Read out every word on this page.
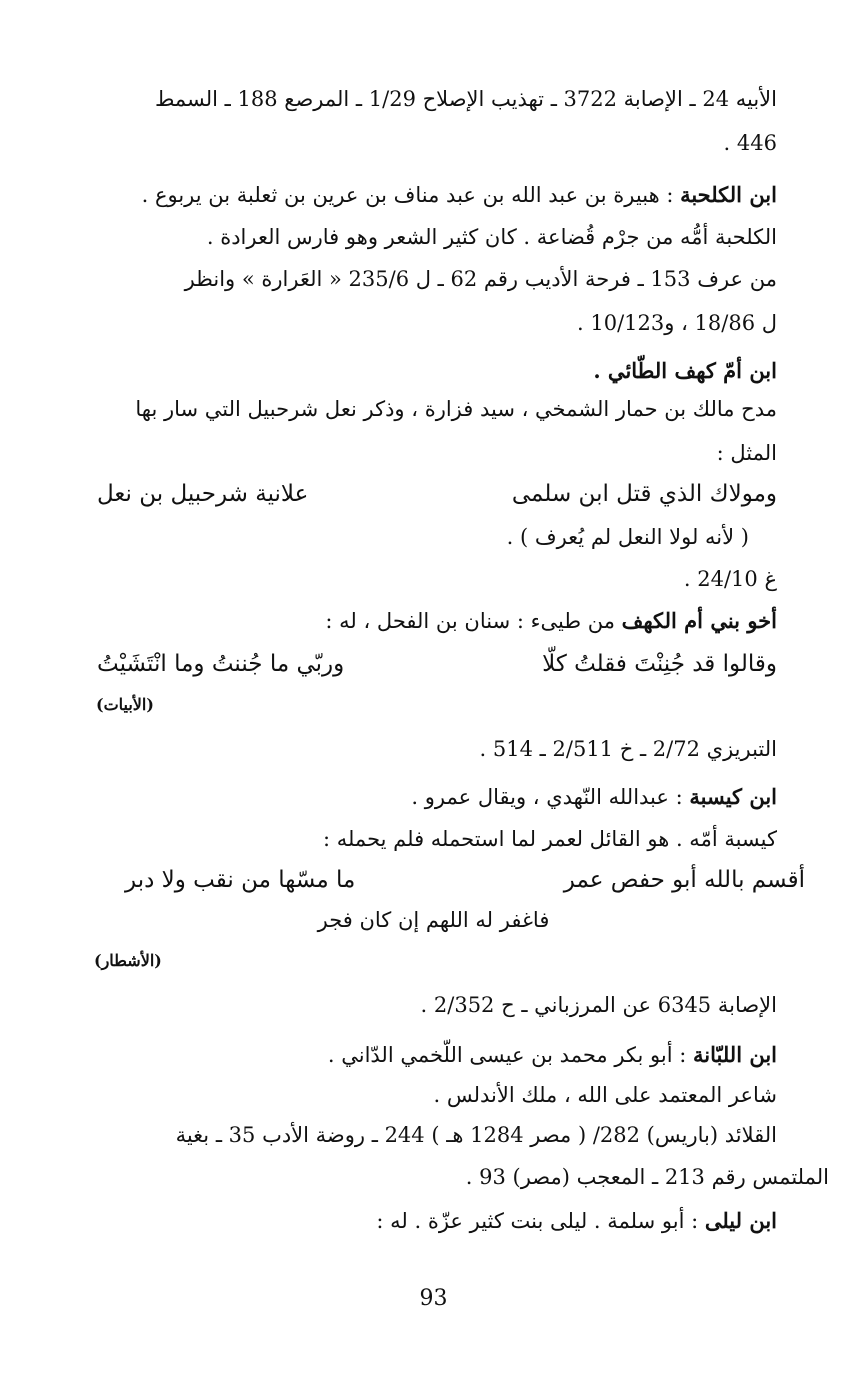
الأبيه 24 ـ الإصابة 3722 ـ تهذيب الإصلاح 1/29 ـ المرصع 188 ـ السمط
446 .
ابن الكلحبة : هبيرة بن عبد الله بن عبد مناف بن عرين بن ثعلبة بن يربوع .
الكلحبة أمُّه من جرْم قُضاعة . كان كثير الشعر وهو فارس العرادة .
من عرف 153 ـ فرحة الأديب رقم 62 ـ ل 235/6 « العَرارة » وانظر
ل 18/86 ، و10/123 .
ابن أمّ كهف الطّائي .
مدح مالك بن حمار الشمخي ، سيد فزارة ، وذكر نعل شرحبيل التي سار بها
المثل :
ومولاك الذي قتل ابن سلمى
علانية شرحبيل بن نعل
( لأنه لولا النعل لم يُعرف ) .
غ 24/10 .
أخو بني أم الكهف من طيىء : سنان بن الفحل ، له :
وقالوا قد جُنِنْتَ فقلتُ كلّا
وربّي ما جُننتُ وما انْتَشَيْتُ
(الأبيات)
التبريزي 2/72 ـ خ 2/511 ـ 514 .
ابن كيسبة : عبدالله النّهدي ، ويقال عمرو .
كيسبة أمّه . هو القائل لعمر لما استحمله فلم يحمله :
أقسم بالله أبو حفص عمر
ما مسّها من نقب ولا دبر
فاغفر له اللهم إن كان فجر
(الأشطار)
الإصابة 6345 عن المرزباني ـ ح 2/352 .
ابن اللبّانة : أبو بكر محمد بن عيسى اللّخمي الدّاني .
شاعر المعتمد على الله ، ملك الأندلس .
القلائد (باريس) 282/ ( مصر 1284 هـ ) 244 ـ روضة الأدب 35 ـ بغية
الملتمس رقم 213 ـ المعجب (مصر) 93 .
ابن ليلى : أبو سلمة . ليلى بنت كثير عزّة . له :
93
